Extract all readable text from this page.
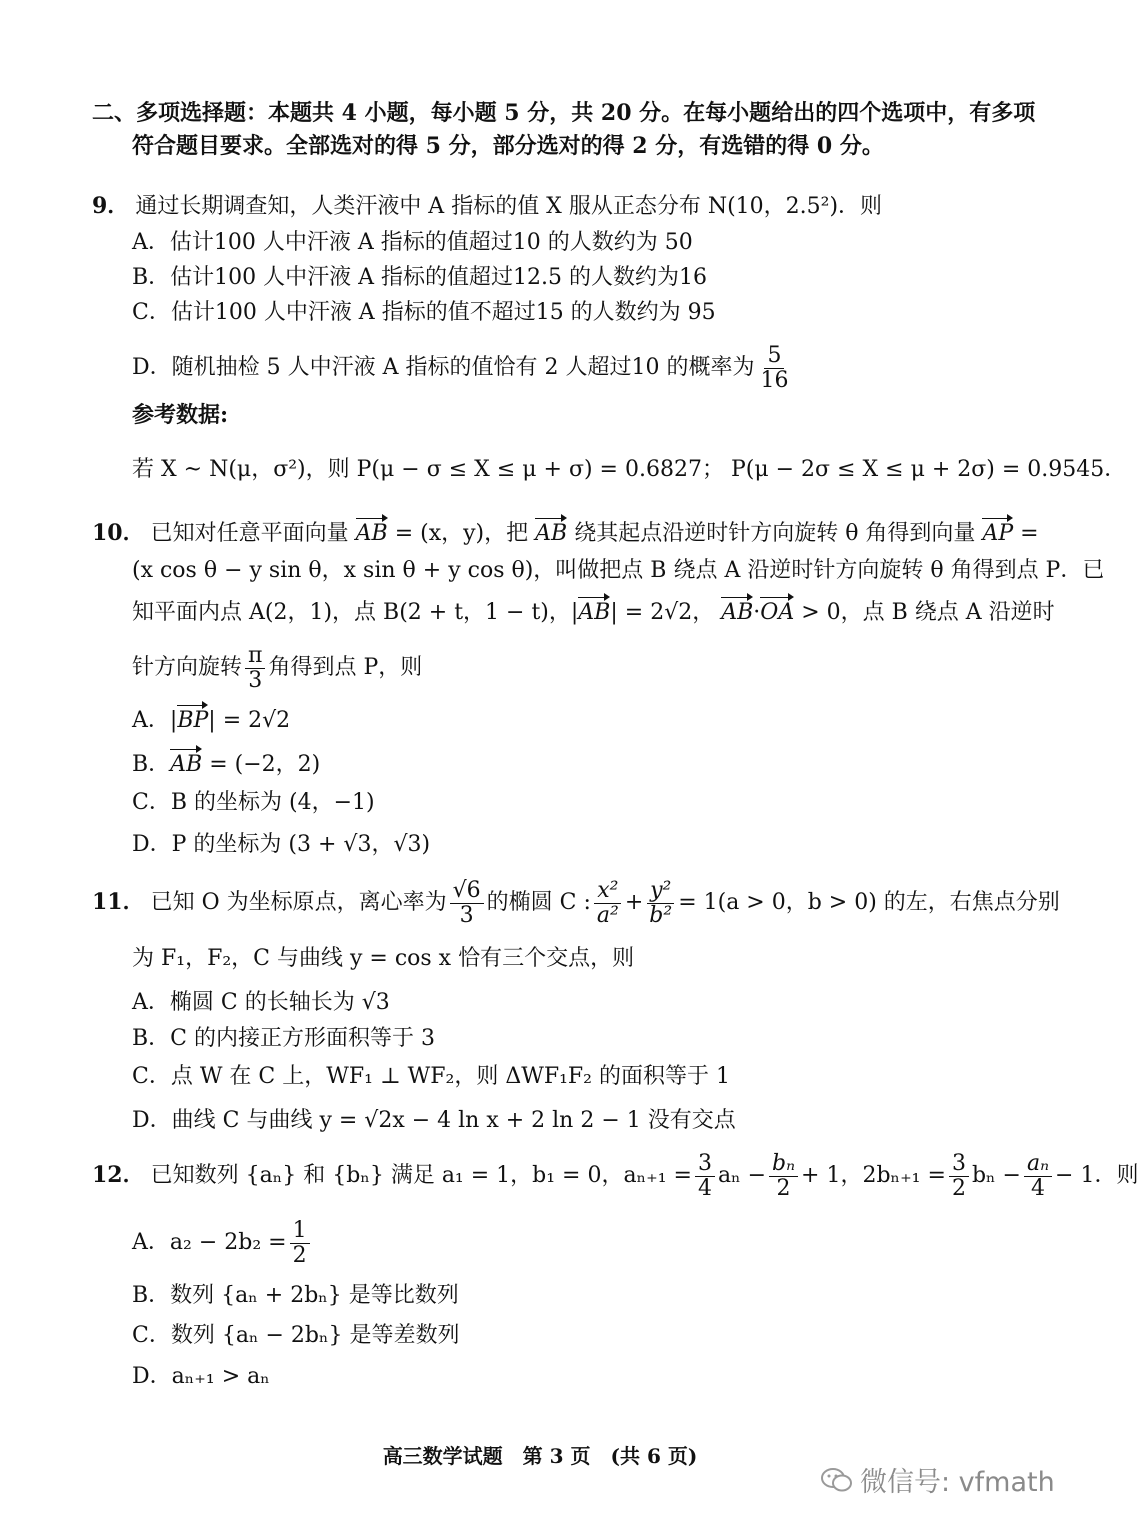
二、多项选择题：本题共 4 小题，每小题 5 分，共 20 分。在每小题给出的四个选项中，有多项
符合题目要求。全部选对的得 5 分，部分选对的得 2 分，有选错的得 0 分。
9． 通过长期调查知，人类汗液中 A 指标的值 X 服从正态分布 N(10，2.5²)．则
A．估计100 人中汗液 A 指标的值超过10 的人数约为 50
B．估计100 人中汗液 A 指标的值超过12.5 的人数约为16
C．估计100 人中汗液 A 指标的值不超过15 的人数约为 95
D．随机抽检 5 人中汗液 A 指标的值恰有 2 人超过10 的概率为 $\frac{5}{16}$
参考数据:
若 X ~ N(μ，σ²)，则 P(μ − σ ≤ X ≤ μ + σ) = 0.6827； P(μ − 2σ ≤ X ≤ μ + 2σ) = 0.9545．
10． 已知对任意平面向量 AB = (x，y)，把 AB 绕其起点沿逆时针方向旋转 θ 角得到向量 AP =
(x cos θ − y sin θ，x sin θ + y cos θ)，叫做把点 B 绕点 A 沿逆时针方向旋转 θ 角得到点 P．已
知平面内点 A(2，1)，点 B(2 + t，1 − t)，|AB| = 2√2， AB·OA > 0，点 B 绕点 A 沿逆时
针方向旋转 $\frac{\pi}{3}$ 角得到点 P，则
A．|BP| = 2√2
B．AB = (−2，2)
C．B 的坐标为 (4，−1)
D．P 的坐标为 (3 + √3，√3)
11． 已知 O 为坐标原点，离心率为 $\frac{√6}{3}$ 的椭圆 C : $\frac{\text{x²}}{\text{a²}} + \frac{\text{y²}}{\text{b²}} = 1(a > 0$，b > 0) 的左，右焦点分别
为 F₁，F₂，C 与曲线 y = cos x 恰有三个交点，则
A．椭圆 C 的长轴长为 √3
B．C 的内接正方形面积等于 3
C．点 W 在 C 上，WF₁ ⊥ WF₂，则 ΔWF₁F₂ 的面积等于 1
D．曲线 C 与曲线 y = √2x − 4 ln x + 2 ln 2 − 1 没有交点
12． 已知数列 {aₙ} 和 {bₙ} 满足 a₁ = 1，b₁ = 0，$a_{n+1} = \frac{3}{4}$ $a_n - \frac{\text{bₙ}}{2} + 1$，$2b_{n+1} = \frac{3}{2}$ $b_n - \frac{\text{aₙ}}{4} - 1$．则
A．$a_2 - 2b_2 = \frac{1}{2}$
B．数列 {aₙ + 2bₙ} 是等比数列
C．数列 {aₙ − 2bₙ} 是等差数列
D．aₙ₊₁ > aₙ
高三数学试题　第 3 页　(共 6 页)
微信号: vfmath
